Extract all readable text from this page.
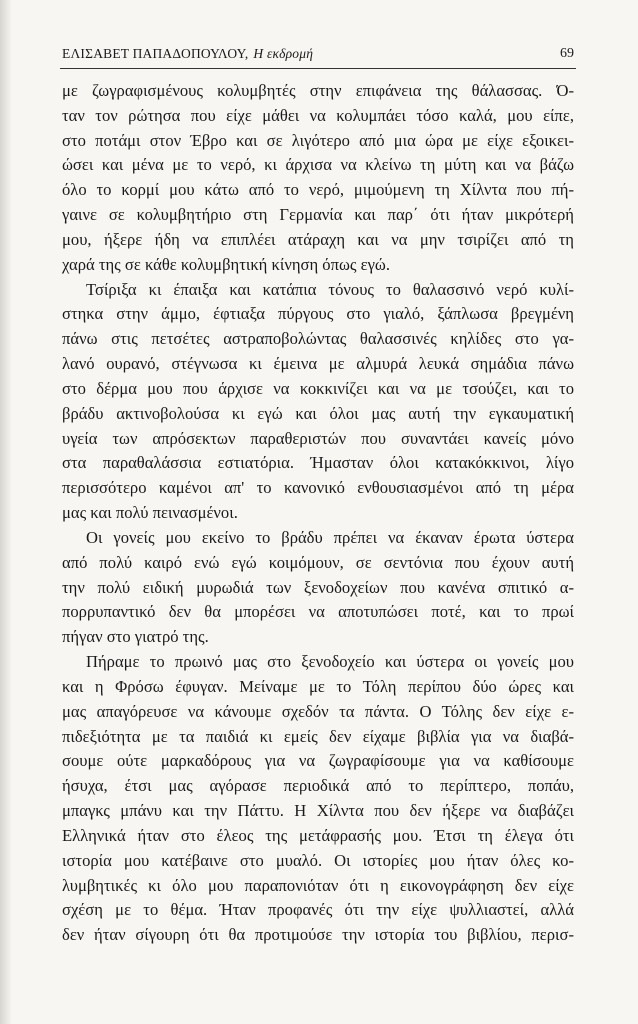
ΕΛΙΣΑΒΕΤ ΠΑΠΑΔΟΠΟΥΛΟΥ, Η εκδρομή	69
με ζωγραφισμένους κολυμβητές στην επιφάνεια της θάλασσας. Ό-
ταν τον ρώτησα που είχε μάθει να κολυμπάει τόσο καλά, μου είπε,
στο ποτάμι στον Έβρο και σε λιγότερο από μια ώρα με είχε εξοικει-
ώσει και μένα με το νερό, κι άρχισα να κλείνω τη μύτη και να βάζω
όλο το κορμί μου κάτω από το νερό, μιμούμενη τη Χίλντα που πή-
γαινε σε κολυμβητήριο στη Γερμανία και παρ΄ ότι ήταν μικρότερή
μου, ήξερε ήδη να επιπλέει ατάραχη και να μην τσιρίζει από τη
χαρά της σε κάθε κολυμβητική κίνηση όπως εγώ.
Τσίριξα κι έπαιξα και κατάπια τόνους το θαλασσινό νερό κυλί-
στηκα στην άμμο, έφτιαξα πύργους στο γιαλό, ξάπλωσα βρεγμένη
πάνω στις πετσέτες αστραποβολώντας θαλασσινές κηλίδες στο γα-
λανό ουρανό, στέγνωσα κι έμεινα με αλμυρά λευκά σημάδια πάνω
στο δέρμα μου που άρχισε να κοκκινίζει και να με τσούζει, και το
βράδυ ακτινοβολούσα κι εγώ και όλοι μας αυτή την εγκαυματική
υγεία των απρόσεκτων παραθεριστών που συναντάει κανείς μόνο
στα παραθαλάσσια εστιατόρια. Ήμασταν όλοι κατακόκκινοι, λίγο
περισσότερο καμένοι απ' το κανονικό ενθουσιασμένοι από τη μέρα
μας και πολύ πεινασμένοι.
Οι γονείς μου εκείνο το βράδυ πρέπει να έκαναν έρωτα ύστερα
από πολύ καιρό ενώ εγώ κοιμόμουν, σε σεντόνια που έχουν αυτή
την πολύ ειδική μυρωδιά των ξενοδοχείων που κανένα σπιτικό α-
πορρυπαντικό δεν θα μπορέσει να αποτυπώσει ποτέ, και το πρωί
πήγαν στο γιατρό της.
Πήραμε το πρωινό μας στο ξενοδοχείο και ύστερα οι γονείς μου
και η Φρόσω έφυγαν. Μείναμε με το Τόλη περίπου δύο ώρες και
μας απαγόρευσε να κάνουμε σχεδόν τα πάντα. Ο Τόλης δεν είχε ε-
πιδεξιότητα με τα παιδιά κι εμείς δεν είχαμε βιβλία για να διαβά-
σουμε ούτε μαρκαδόρους για να ζωγραφίσουμε για να καθίσουμε
ήσυχα, έτσι μας αγόρασε περιοδικά από το περίπτερο, ποπάυ,
μπαγκς μπάνυ και την Πάττυ. Η Χίλντα που δεν ήξερε να διαβάζει
Ελληνικά ήταν στο έλεος της μετάφρασής μου. Έτσι τη έλεγα ότι
ιστορία μου κατέβαινε στο μυαλό. Οι ιστορίες μου ήταν όλες κο-
λυμβητικές κι όλο μου παραπονιόταν ότι η εικονογράφηση δεν είχε
σχέση με το θέμα. Ήταν προφανές ότι την είχε ψυλλιαστεί, αλλά
δεν ήταν σίγουρη ότι θα προτιμούσε την ιστορία του βιβλίου, περισ-
